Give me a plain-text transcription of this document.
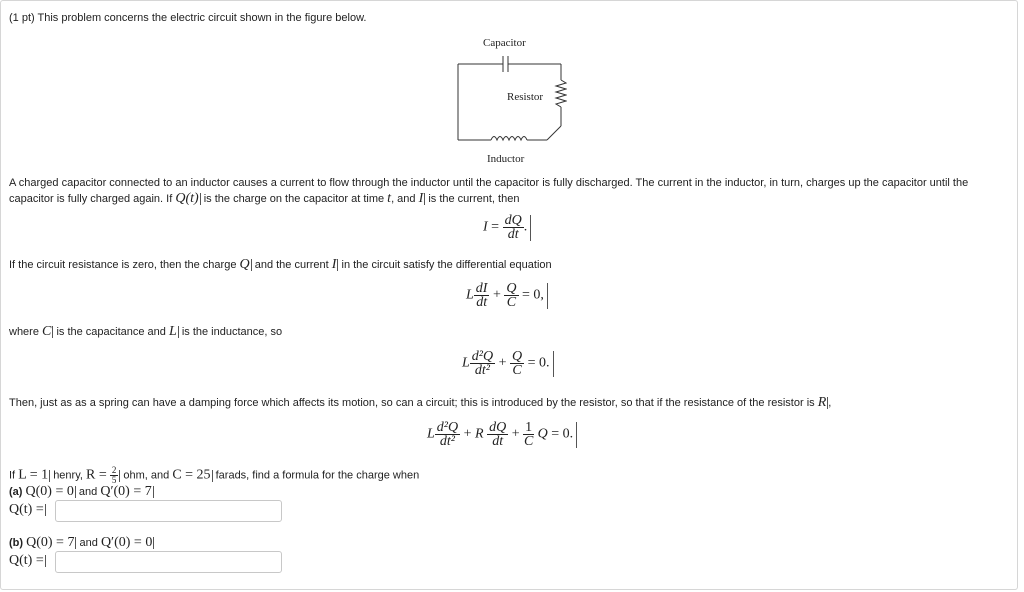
(1 pt) This problem concerns the electric circuit shown in the figure below.
Capacitor
Resistor
Inductor
A charged capacitor connected to an inductor causes a current to flow through the inductor until the capacitor is fully discharged. The current in the inductor, in turn, charges up the capacitor until the
capacitor is fully charged again. If Q(t) is the charge on the capacitor at time t, and I is the current, then
$I = \frac{dQ}{dt}$ .
If the circuit resistance is zero, then the charge Q and the current I in the circuit satisfy the differential equation
L $\frac{dI}{dt} + \frac{Q}{C} = 0$,
where C is the capacitance and L is the inductance, so
L $\frac{\text{d²Q}}{\text{dt²}} + \frac{Q}{C} = 0$.
Then, just as as a spring can have a damping force which affects its motion, so can a circuit; this is introduced by the resistor, so that if the resistance of the resistor is R ,
L $\frac{\text{d²Q}}{\text{dt²}} + R \frac{dQ}{dt} + \frac{1}{C}$ Q = 0.
If L = 1 henry, $R = \frac{2}{5}$ ohm, and C = 25 farads, find a formula for the charge when
(a) Q(0) = 0 and Q′(0) = 7
Q(t) =
(b) Q(0) = 7 and Q′(0) = 0
Q(t) =
